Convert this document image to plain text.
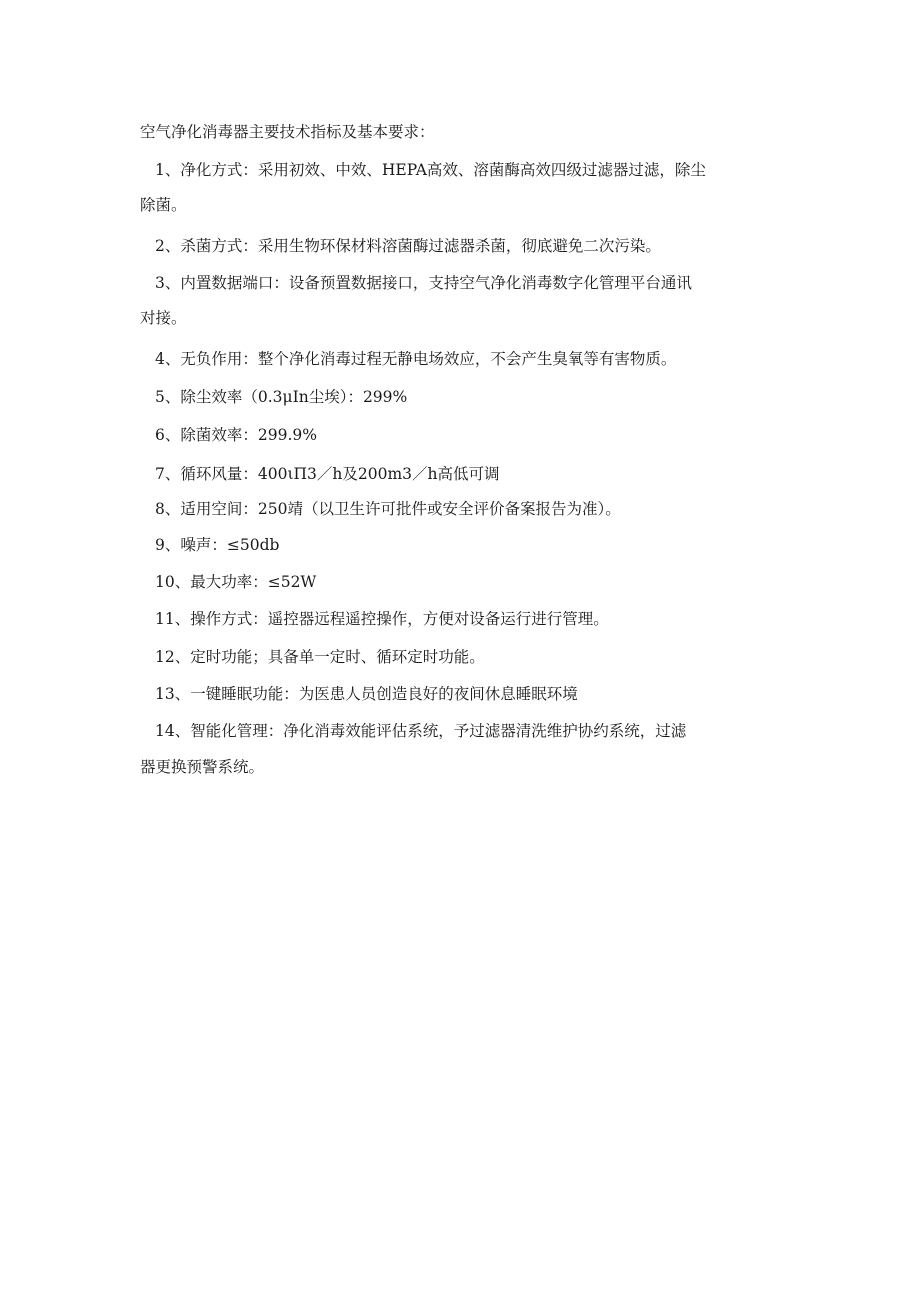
空气净化消毒器主要技术指标及基本要求：
1、净化方式：采用初效、中效、HEPA高效、溶菌酶高效四级过滤器过滤，除尘
除菌。
2、杀菌方式：采用生物环保材料溶菌酶过滤器杀菌，彻底避免二次污染。
3、内置数据端口：设备预置数据接口，支持空气净化消毒数字化管理平台通讯
对接。
4、无负作用：整个净化消毒过程无静电场效应，不会产生臭氧等有害物质。
5、除尘效率（0.3μIn尘埃）：299%
6、除菌效率：299.9%
7、循环风量：400ιΠ3／h及200m3／h高低可调
8、适用空间：250靖（以卫生许可批件或安全评价备案报告为准）。
9、噪声：≤50db
10、最大功率：≤52W
11、操作方式：遥控器远程遥控操作，方便对设备运行进行管理。
12、定时功能；具备单一定时、循环定时功能。
13、一键睡眠功能：为医患人员创造良好的夜间休息睡眠环境
14、智能化管理：净化消毒效能评估系统，予过滤器清洗维护协约系统，过滤
器更换预警系统。
